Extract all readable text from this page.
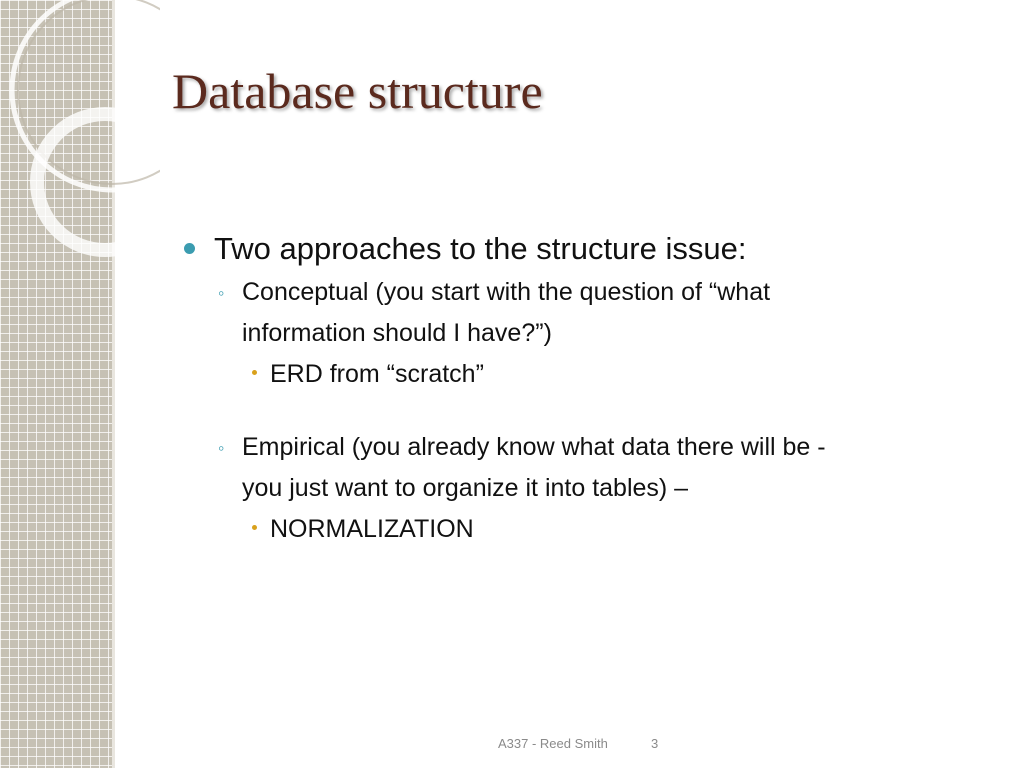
Database structure
Two approaches to the structure issue:
◦ Conceptual (you start with the question of “what
information should I have?”)
ERD from “scratch”
◦ Empirical (you already know what data there will be -
you just want to organize it into tables) –
NORMALIZATION
A337 - Reed Smith	3
